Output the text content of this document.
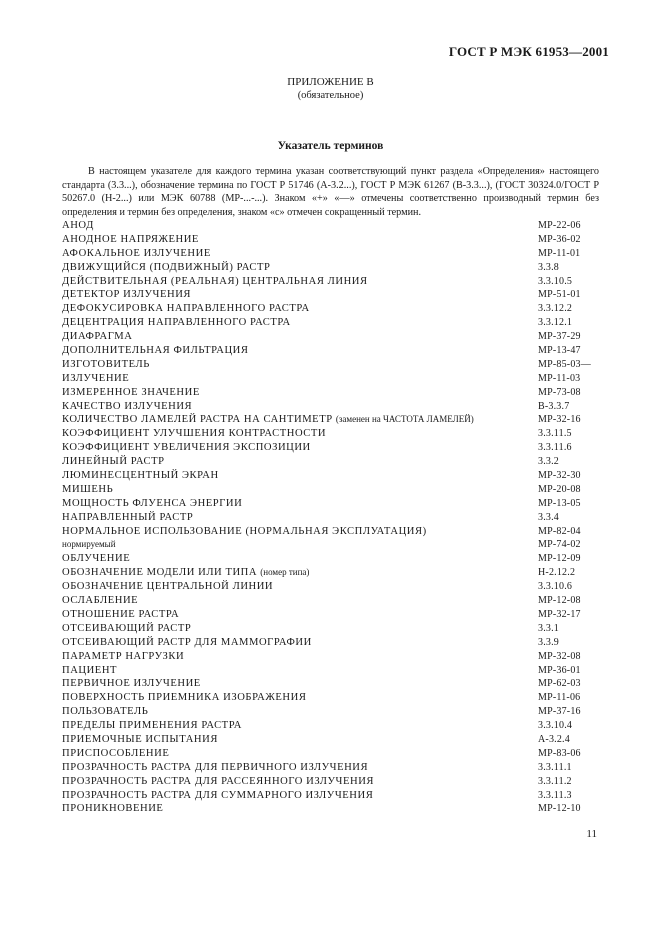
ГОСТ Р МЭК 61953—2001
ПРИЛОЖЕНИЕ В
(обязательное)
Указатель терминов
В настоящем указателе для каждого термина указан соответствующий пункт раздела «Определения» настоящего стандарта (3.3...), обозначение термина по ГОСТ Р 51746 (А-3.2...), ГОСТ Р МЭК 61267 (В-3.3...), (ГОСТ 30324.0/ГОСТ Р 50267.0 (Н-2...) или МЭК 60788 (МР-...-...). Знаком «+» «—» отмечены соответственно производный термин без определения и термин без определения, знаком «с» отмечен сокращенный термин.
АНОД	МР-22-06
АНОДНОЕ НАПРЯЖЕНИЕ	МР-36-02
АФОКАЛЬНОЕ ИЗЛУЧЕНИЕ	МР-11-01
ДВИЖУЩИЙСЯ (ПОДВИЖНЫЙ) РАСТР	3.3.8
ДЕЙСТВИТЕЛЬНАЯ (РЕАЛЬНАЯ) ЦЕНТРАЛЬНАЯ ЛИНИЯ	3.3.10.5
ДЕТЕКТОР ИЗЛУЧЕНИЯ	МР-51-01
ДЕФОКУСИРОВКА НАПРАВЛЕННОГО РАСТРА	3.3.12.2
ДЕЦЕНТРАЦИЯ НАПРАВЛЕННОГО РАСТРА	3.3.12.1
ДИАФРАГМА	МР-37-29
ДОПОЛНИТЕЛЬНАЯ ФИЛЬТРАЦИЯ	МР-13-47
ИЗГОТОВИТЕЛЬ	МР-85-03—
ИЗЛУЧЕНИЕ	МР-11-03
ИЗМЕРЕННОЕ ЗНАЧЕНИЕ	МР-73-08
КАЧЕСТВО ИЗЛУЧЕНИЯ	В-3.3.7
КОЛИЧЕСТВО ЛАМЕЛЕЙ РАСТРА НА САНТИМЕТР (заменен на ЧАСТОТА ЛАМЕЛЕЙ)	МР-32-16
КОЭФФИЦИЕНТ УЛУЧШЕНИЯ КОНТРАСТНОСТИ	3.3.11.5
КОЭФФИЦИЕНТ УВЕЛИЧЕНИЯ ЭКСПОЗИЦИИ	3.3.11.6
ЛИНЕЙНЫЙ РАСТР	3.3.2
ЛЮМИНЕСЦЕНТНЫЙ ЭКРАН	МР-32-30
МИШЕНЬ	МР-20-08
МОЩНОСТЬ ФЛУЕНСА ЭНЕРГИИ	МР-13-05
НАПРАВЛЕННЫЙ РАСТР	3.3.4
НОРМАЛЬНОЕ ИСПОЛЬЗОВАНИЕ (НОРМАЛЬНАЯ ЭКСПЛУАТАЦИЯ)	МР-82-04
нормируемый	МР-74-02
ОБЛУЧЕНИЕ	МР-12-09
ОБОЗНАЧЕНИЕ МОДЕЛИ ИЛИ ТИПА (номер типа)	Н-2.12.2
ОБОЗНАЧЕНИЕ ЦЕНТРАЛЬНОЙ ЛИНИИ	3.3.10.6
ОСЛАБЛЕНИЕ	МР-12-08
ОТНОШЕНИЕ РАСТРА	МР-32-17
ОТСЕИВАЮЩИЙ РАСТР	3.3.1
ОТСЕИВАЮЩИЙ РАСТР ДЛЯ МАММОГРАФИИ	3.3.9
ПАРАМЕТР НАГРУЗКИ	МР-32-08
ПАЦИЕНТ	МР-36-01
ПЕРВИЧНОЕ ИЗЛУЧЕНИЕ	МР-62-03
ПОВЕРХНОСТЬ ПРИЕМНИКА ИЗОБРАЖЕНИЯ	МР-11-06
ПОЛЬЗОВАТЕЛЬ	МР-37-16
ПРЕДЕЛЫ ПРИМЕНЕНИЯ РАСТРА	3.3.10.4
ПРИЕМОЧНЫЕ ИСПЫТАНИЯ	А-3.2.4
ПРИСПОСОБЛЕНИЕ	МР-83-06
ПРОЗРАЧНОСТЬ РАСТРА ДЛЯ ПЕРВИЧНОГО ИЗЛУЧЕНИЯ	3.3.11.1
ПРОЗРАЧНОСТЬ РАСТРА ДЛЯ РАССЕЯННОГО ИЗЛУЧЕНИЯ	3.3.11.2
ПРОЗРАЧНОСТЬ РАСТРА ДЛЯ СУММАРНОГО ИЗЛУЧЕНИЯ	3.3.11.3
ПРОНИКНОВЕНИЕ	МР-12-10
11
